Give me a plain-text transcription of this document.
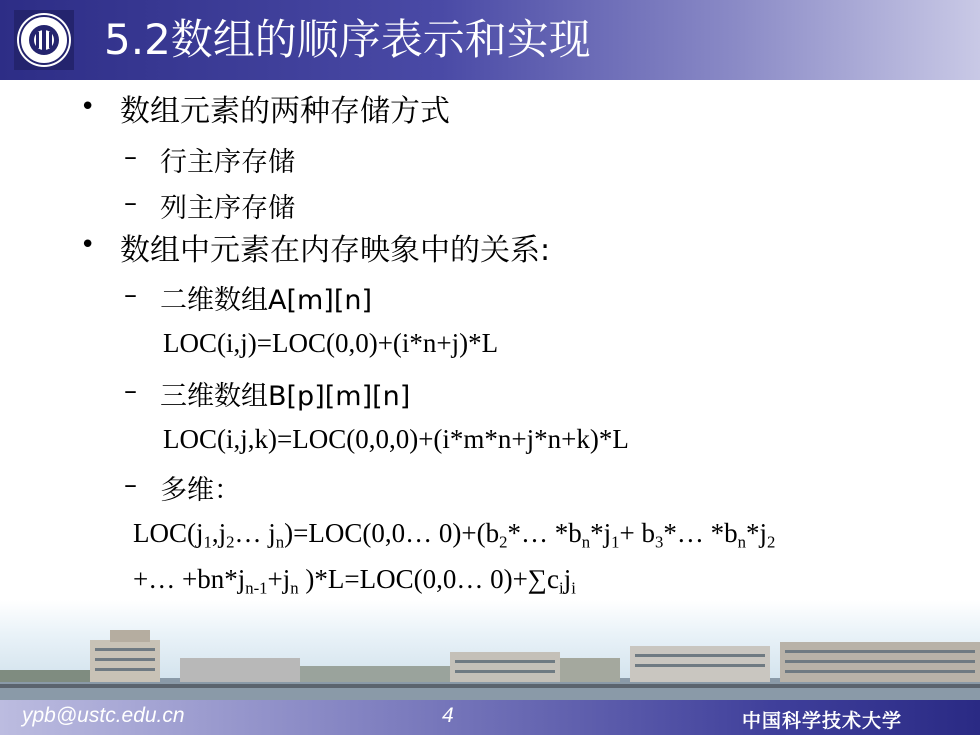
5.2数组的顺序表示和实现
• 数组元素的两种存储方式
– 行主序存储
– 列主序存储
• 数组中元素在内存映象中的关系:
– 二维数组A[m][n]
LOC(i,j)=LOC(0,0)+(i*n+j)*L
– 三维数组B[p][m][n]
LOC(i,j,k)=LOC(0,0,0)+(i*m*n+j*n+k)*L
– 多维：
$LOC(j_1,j_2\dots$ $j_n)=LOC(0,0\dots$ $0)+(b_2*\dots$ $*b_n*j_1+$ $b_3*\dots$ $*b_n*j_2$
+… $+bn*j_{n-1}+j_n$ )*L=LOC(0,0… $0)+\sum c_ij_i$
ypb@ustc.edu.cn	4	中国科学技术大学
